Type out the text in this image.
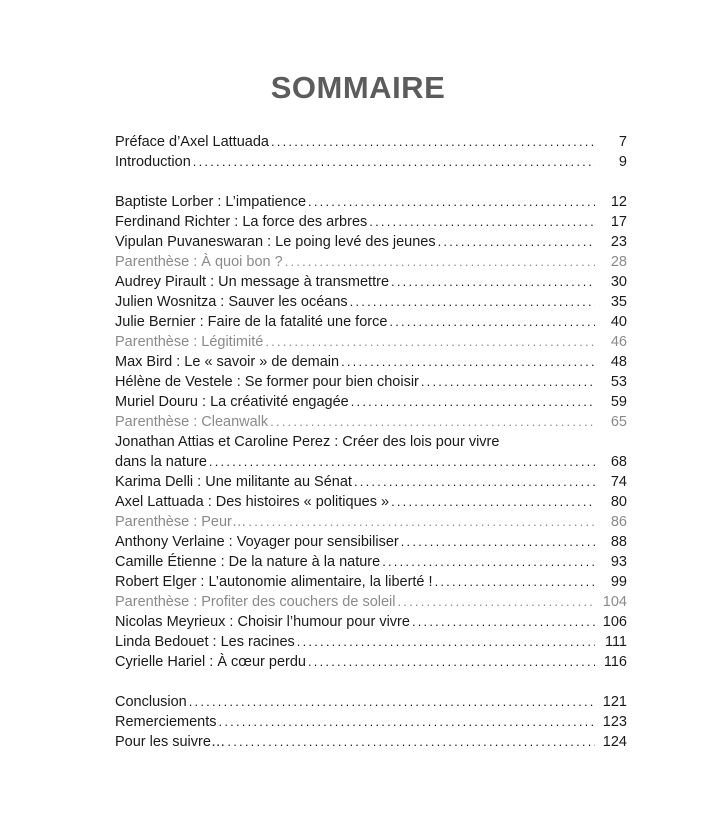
SOMMAIRE
Préface d’Axel Lattuada .....	7
Introduction .....	9
Baptiste Lorber : L’impatience .....	12
Ferdinand Richter : La force des arbres .....	17
Vipulan Puvaneswaran : Le poing levé des jeunes .....	23
Parenthèse : À quoi bon ? .....	28
Audrey Pirault : Un message à transmettre .....	30
Julien Wosnitza : Sauver les océans .....	35
Julie Bernier : Faire de la fatalité une force .....	40
Parenthèse : Légitimité .....	46
Max Bird : Le « savoir » de demain .....	48
Hélène de Vestele : Se former pour bien choisir .....	53
Muriel Douru : La créativité engagée .....	59
Parenthèse : Cleanwalk .....	65
Jonathan Attias et Caroline Perez : Créer des lois pour vivre
dans la nature .....	68
Karima Delli : Une militante au Sénat .....	74
Axel Lattuada : Des histoires « politiques » .....	80
Parenthèse : Peur… .....	86
Anthony Verlaine : Voyager pour sensibiliser .....	88
Camille Étienne : De la nature à la nature .....	93
Robert Elger : L’autonomie alimentaire, la liberté ! .....	99
Parenthèse : Profiter des couchers de soleil .....	104
Nicolas Meyrieux : Choisir l’humour pour vivre .....	106
Linda Bedouet : Les racines .....	111
Cyrielle Hariel : À cœur perdu .....	116
Conclusion .....	121
Remerciements .....	123
Pour les suivre… .....	124
